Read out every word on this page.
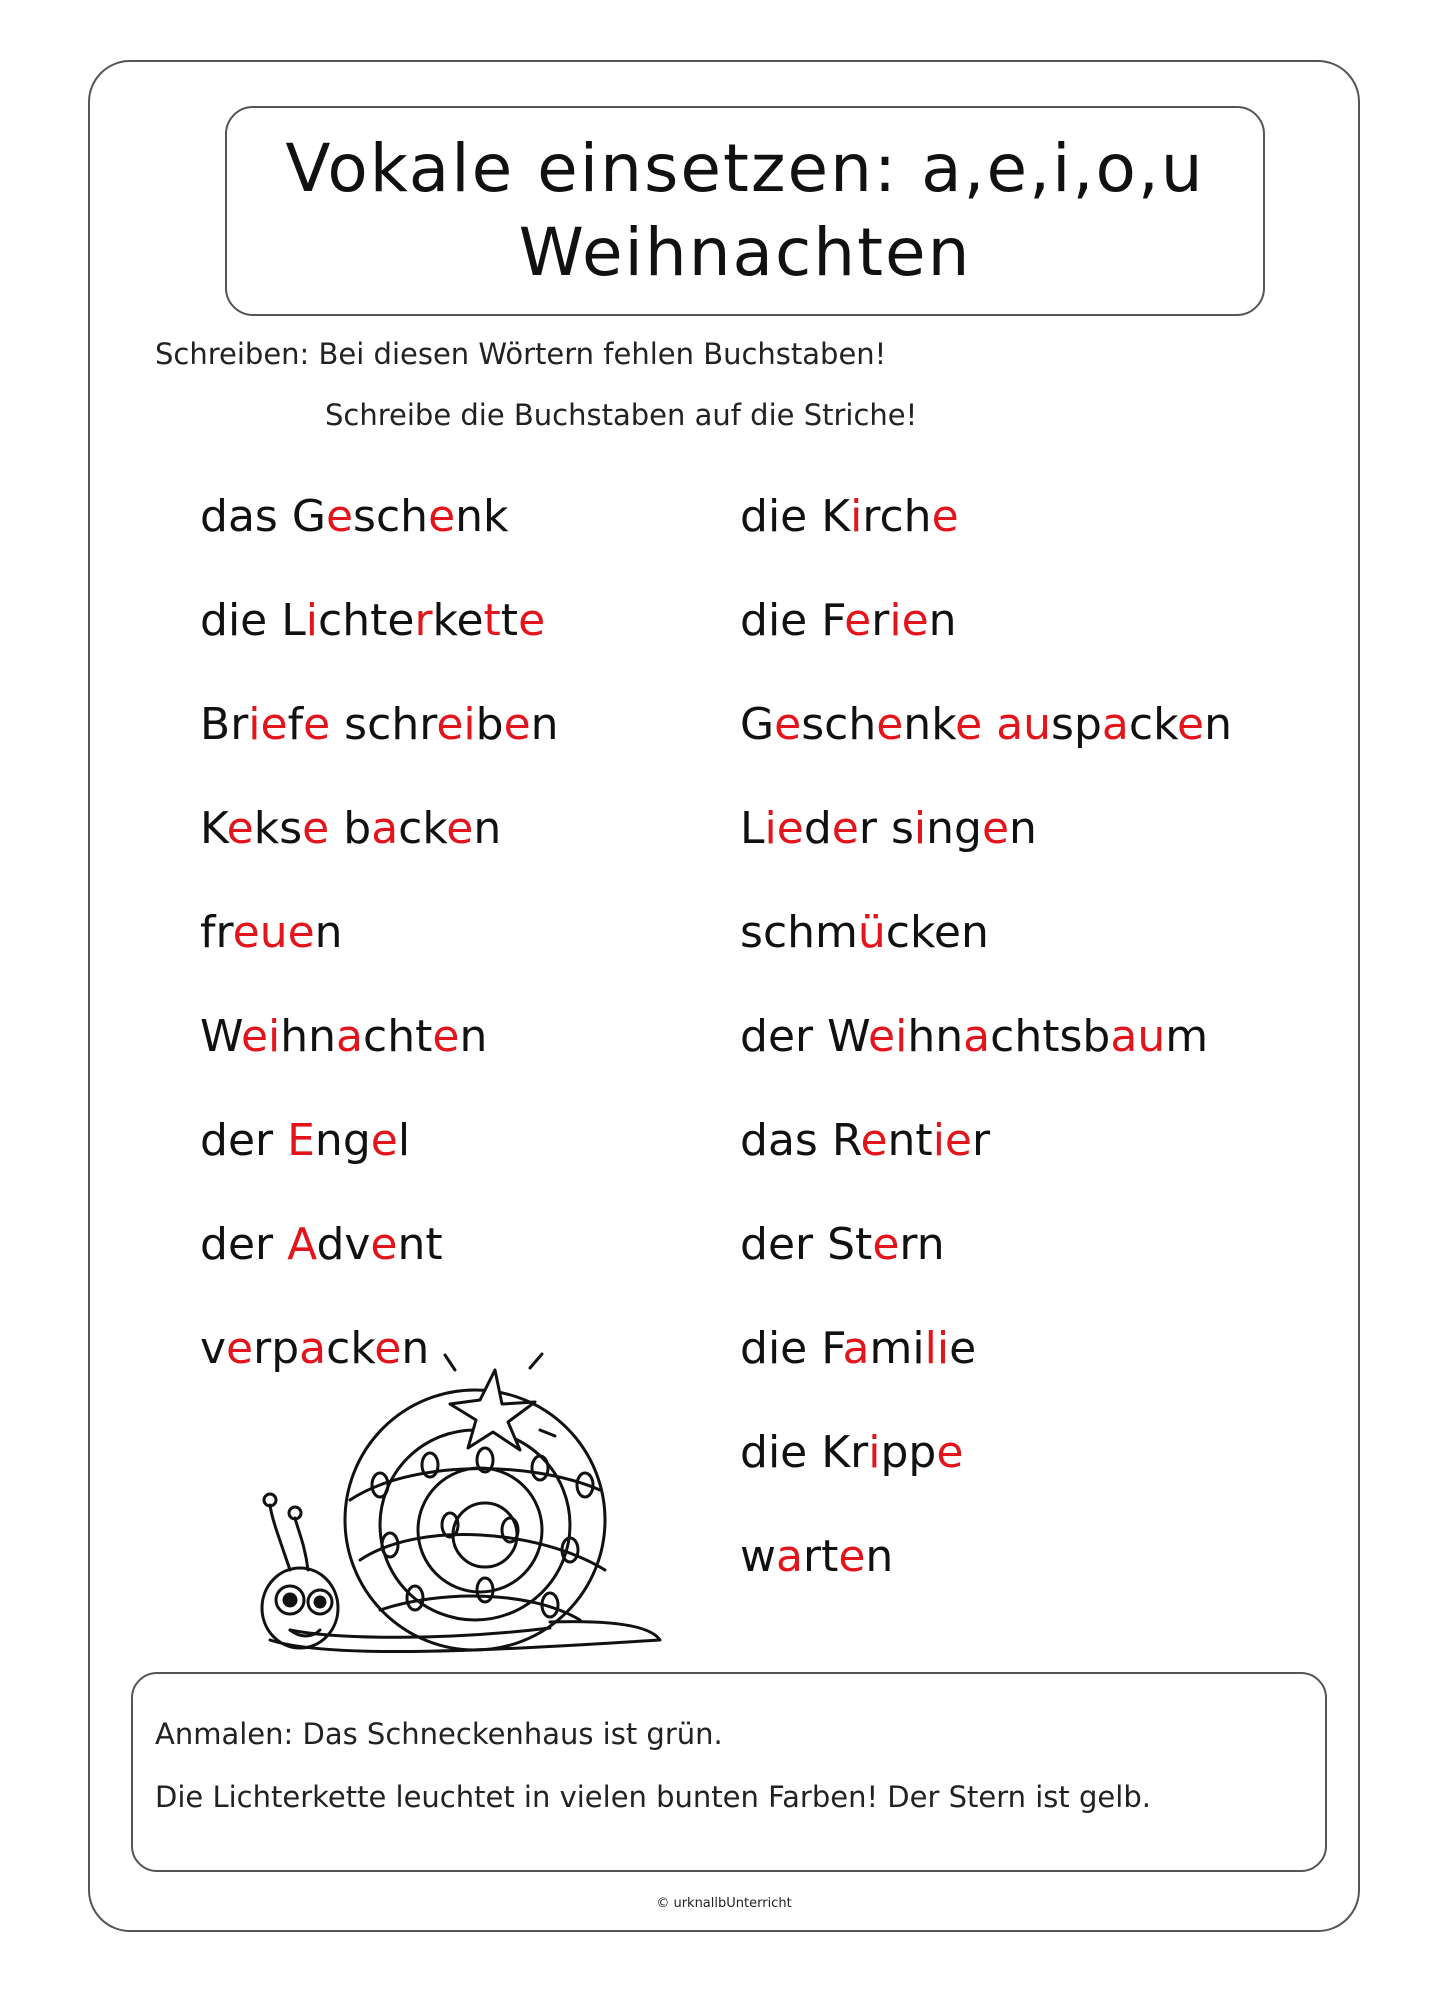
Vokale einsetzen: a,e,i,o,u
Weihnachten
Schreiben: Bei diesen Wörtern fehlen Buchstaben!
Schreibe die Buchstaben auf die Striche!
das Geschenk
die Lichterkette
Briefe schreiben
Kekse backen
freuen
Weihnachten
der Engel
der Advent
verpacken
die Kirche
die Ferien
Geschenke auspacken
Lieder singen
schmücken
der Weihnachtsbaum
das Rentier
der Stern
die Familie
die Krippe
warten
Anmalen: Das Schneckenhaus ist grün.
Die Lichterkette leuchtet in vielen bunten Farben! Der Stern ist gelb.
© urknallbUnterricht
